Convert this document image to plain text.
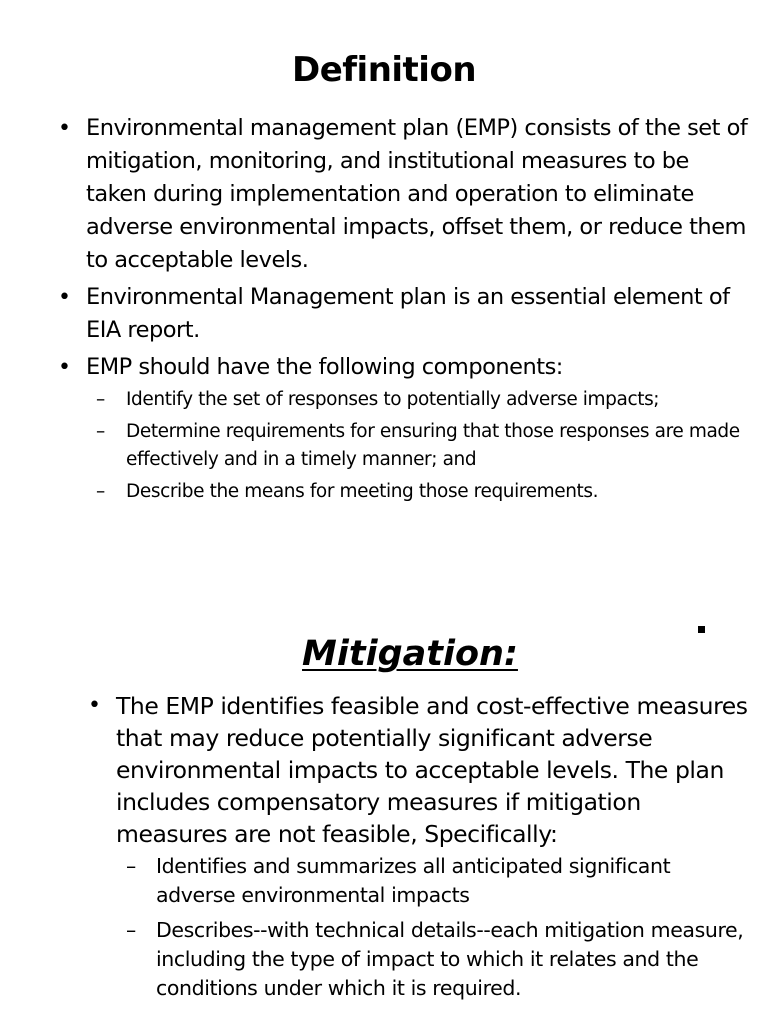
Definition
• Environmental management plan (EMP) consists of the set of mitigation, monitoring, and institutional measures to be taken during implementation and operation to eliminate adverse environmental impacts, offset them, or reduce them to acceptable levels.
• Environmental Management plan is an essential element of EIA report.
• EMP should have the following components:
– Identify the set of responses to potentially adverse impacts;
– Determine requirements for ensuring that those responses are made effectively and in a timely manner; and
– Describe the means for meeting those requirements.
Mitigation:
• The EMP identifies feasible and cost-effective measures that may reduce potentially significant adverse environmental impacts to acceptable levels. The plan includes compensatory measures if mitigation measures are not feasible, Specifically:
– Identifies and summarizes all anticipated significant adverse environmental impacts
– Describes--with technical details--each mitigation measure, including the type of impact to which it relates and the conditions under which it is required.
